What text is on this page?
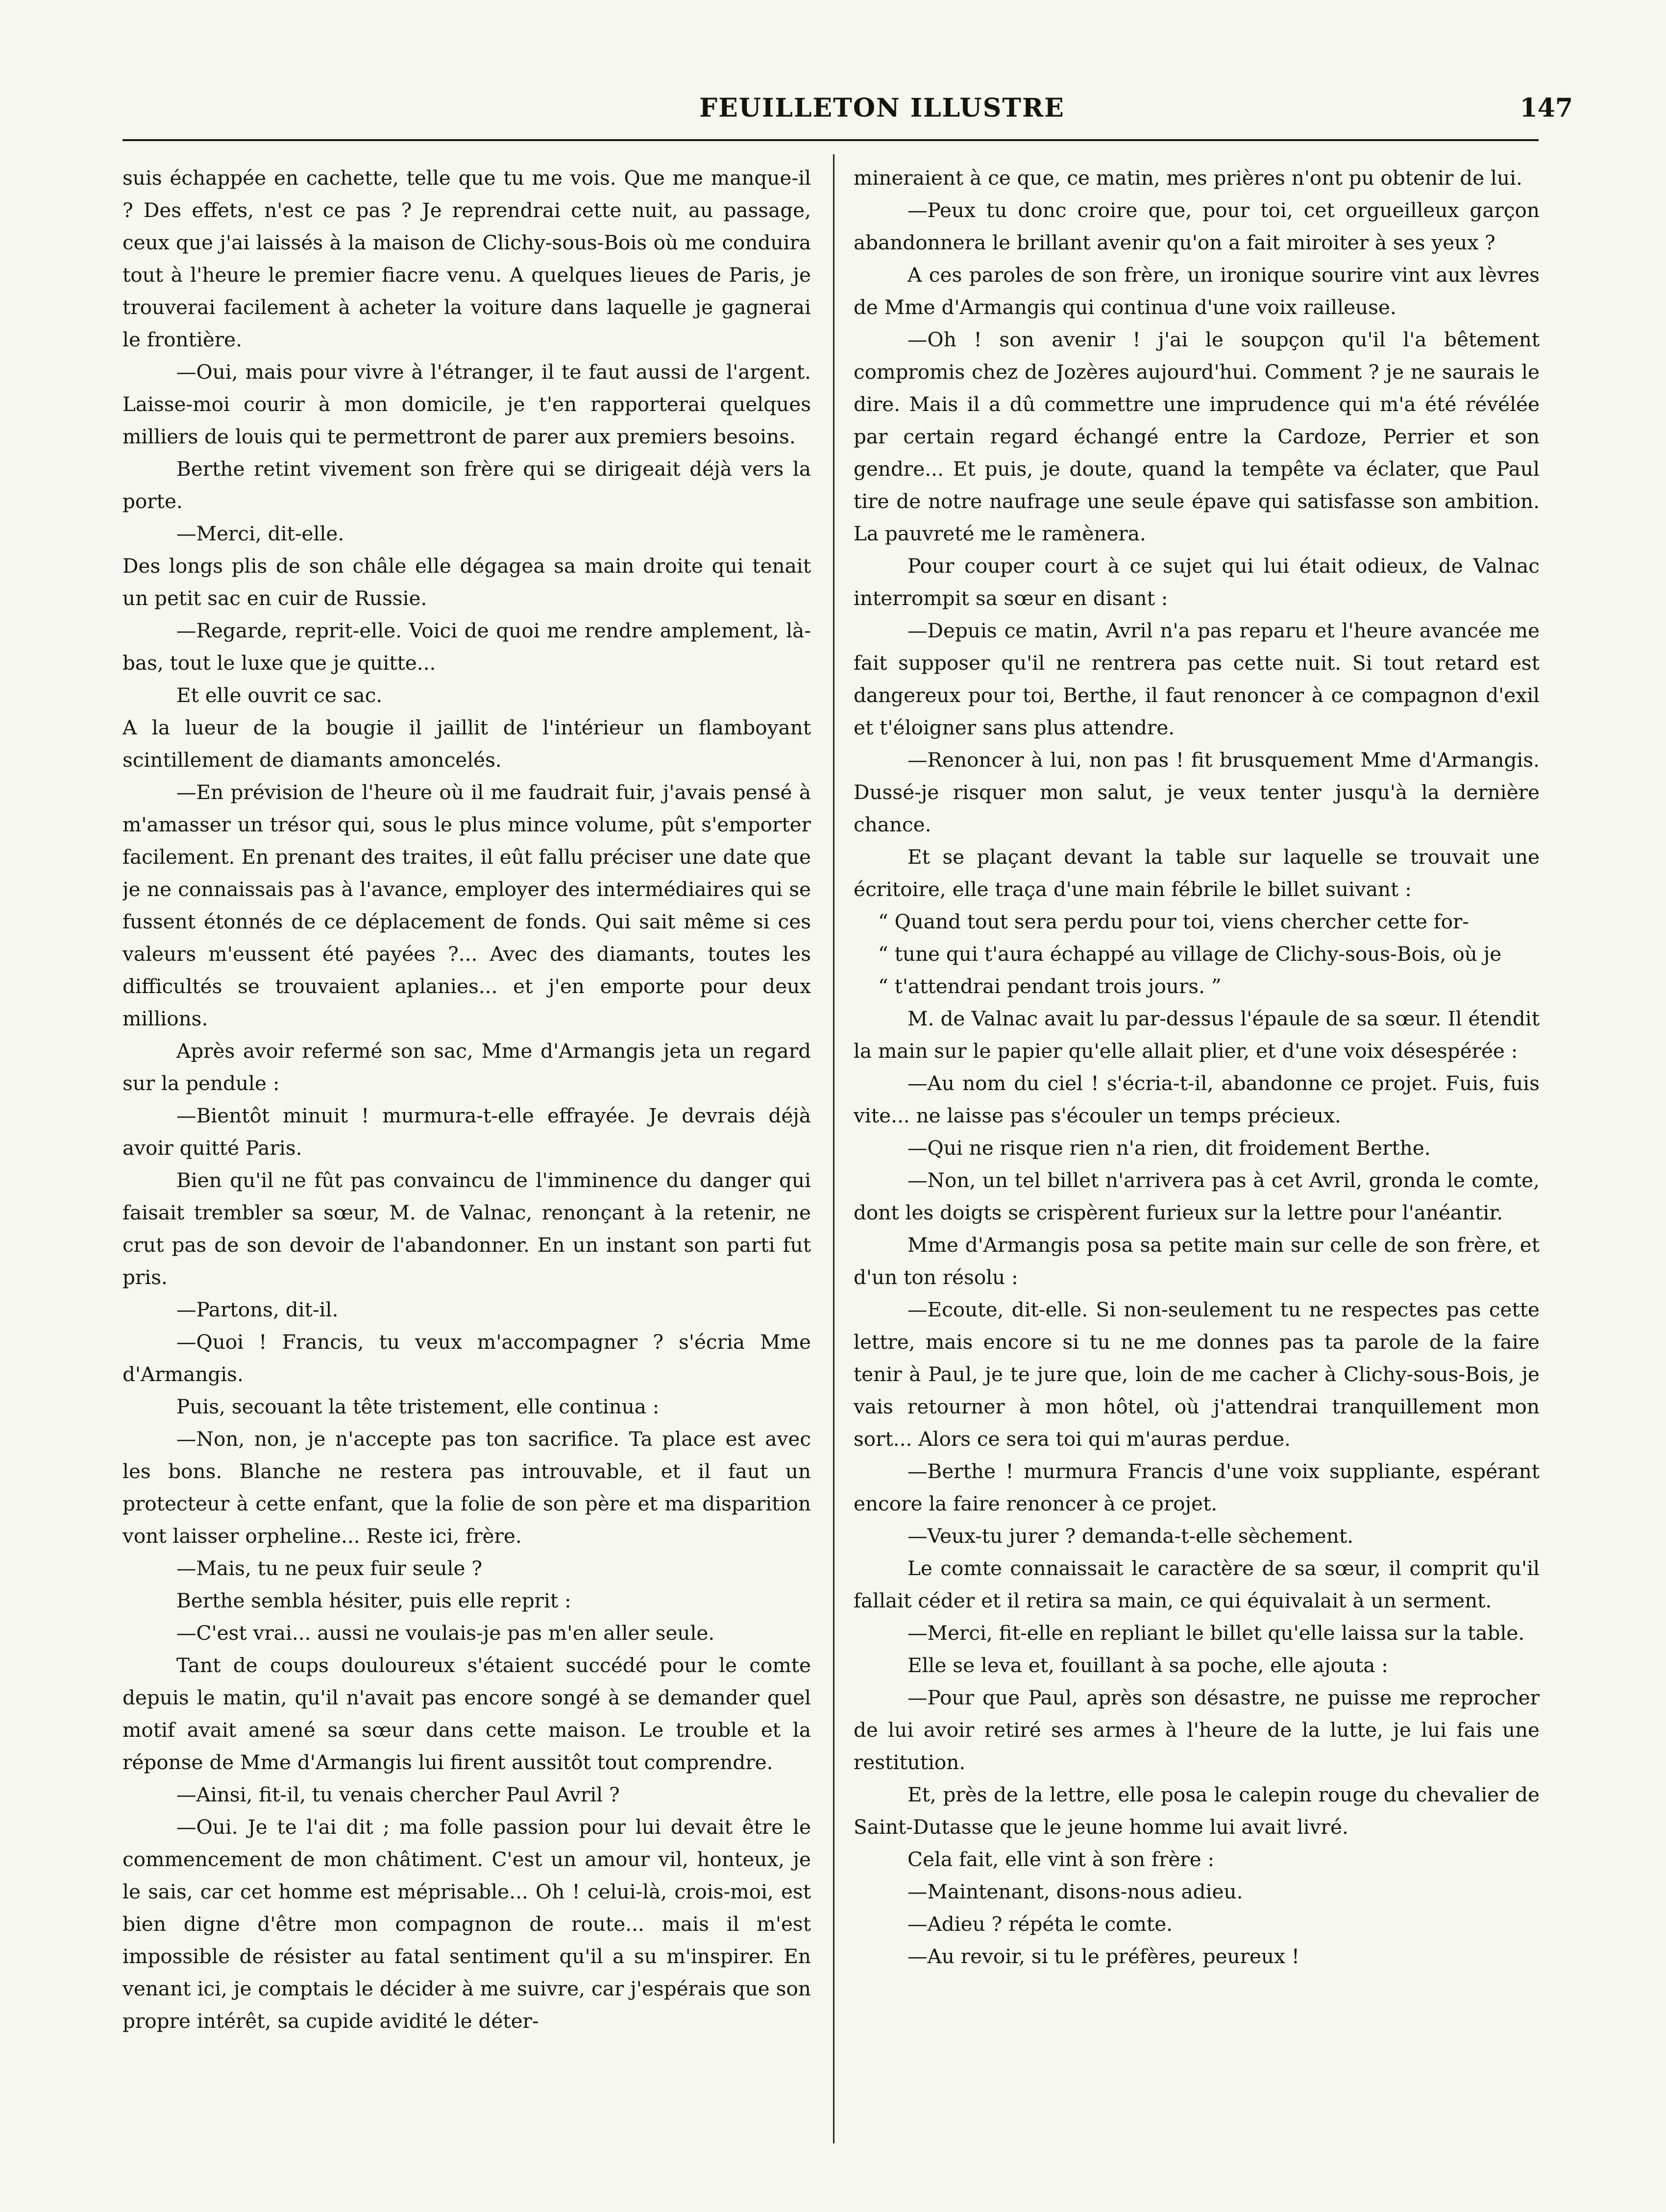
FEUILLETON ILLUSTRE	147

suis échappée en cachette, telle que tu me vois. Que me manque-il ? Des effets, n'est ce pas ? Je reprendrai cette nuit, au passage, ceux que j'ai laissés à la maison de Clichy-sous-Bois où me conduira tout à l'heure le premier fiacre venu. A quelques lieues de Paris, je trouverai facilement à acheter la voiture dans laquelle je gagnerai le frontière.

—Oui, mais pour vivre à l'étranger, il te faut aussi de l'argent. Laisse-moi courir à mon domicile, je t'en rapporterai quelques milliers de louis qui te permettront de parer aux premiers besoins.

Berthe retint vivement son frère qui se dirigeait déjà vers la porte.

—Merci, dit-elle.

Des longs plis de son châle elle dégagea sa main droite qui tenait un petit sac en cuir de Russie.

—Regarde, reprit-elle. Voici de quoi me rendre amplement, là-bas, tout le luxe que je quitte...

Et elle ouvrit ce sac.

A la lueur de la bougie il jaillit de l'intérieur un flamboyant scintillement de diamants amoncelés.

—En prévision de l'heure où il me faudrait fuir, j'avais pensé à m'amasser un trésor qui, sous le plus mince volume, pût s'emporter facilement. En prenant des traites, il eût fallu préciser une date que je ne connaissais pas à l'avance, employer des intermédiaires qui se fussent étonnés de ce déplacement de fonds. Qui sait même si ces valeurs m'eussent été payées ?... Avec des diamants, toutes les difficultés se trouvaient aplanies... et j'en emporte pour deux millions.

Après avoir refermé son sac, Mme d'Armangis jeta un regard sur la pendule :

—Bientôt minuit ! murmura-t-elle effrayée. Je devrais déjà avoir quitté Paris.

Bien qu'il ne fût pas convaincu de l'imminence du danger qui faisait trembler sa sœur, M. de Valnac, renonçant à la retenir, ne crut pas de son devoir de l'abandonner. En un instant son parti fut pris.

—Partons, dit-il.

—Quoi ! Francis, tu veux m'accompagner ? s'écria Mme d'Armangis.

Puis, secouant la tête tristement, elle continua :

—Non, non, je n'accepte pas ton sacrifice. Ta place est avec les bons. Blanche ne restera pas introuvable, et il faut un protecteur à cette enfant, que la folie de son père et ma disparition vont laisser orpheline... Reste ici, frère.

—Mais, tu ne peux fuir seule ?

Berthe sembla hésiter, puis elle reprit :

—C'est vrai... aussi ne voulais-je pas m'en aller seule.

Tant de coups douloureux s'étaient succédé pour le comte depuis le matin, qu'il n'avait pas encore songé à se demander quel motif avait amené sa sœur dans cette maison. Le trouble et la réponse de Mme d'Armangis lui firent aussitôt tout comprendre.

—Ainsi, fit-il, tu venais chercher Paul Avril ?

—Oui. Je te l'ai dit ; ma folle passion pour lui devait être le commencement de mon châtiment. C'est un amour vil, honteux, je le sais, car cet homme est méprisable... Oh ! celui-là, crois-moi, est bien digne d'être mon compagnon de route... mais il m'est impossible de résister au fatal sentiment qu'il a su m'inspirer. En venant ici, je comptais le décider à me suivre, car j'espérais que son propre intérêt, sa cupide avidité le déter-

mineraient à ce que, ce matin, mes prières n'ont pu obtenir de lui.

—Peux tu donc croire que, pour toi, cet orgueilleux garçon abandonnera le brillant avenir qu'on a fait miroiter à ses yeux ?

A ces paroles de son frère, un ironique sourire vint aux lèvres de Mme d'Armangis qui continua d'une voix railleuse.

—Oh ! son avenir ! j'ai le soupçon qu'il l'a bêtement compromis chez de Jozères aujourd'hui. Comment ? je ne saurais le dire. Mais il a dû commettre une imprudence qui m'a été révélée par certain regard échangé entre la Cardoze, Perrier et son gendre... Et puis, je doute, quand la tempête va éclater, que Paul tire de notre naufrage une seule épave qui satisfasse son ambition. La pauvreté me le ramènera.

Pour couper court à ce sujet qui lui était odieux, de Valnac interrompit sa sœur en disant :

—Depuis ce matin, Avril n'a pas reparu et l'heure avancée me fait supposer qu'il ne rentrera pas cette nuit. Si tout retard est dangereux pour toi, Berthe, il faut renoncer à ce compagnon d'exil et t'éloigner sans plus attendre.

—Renoncer à lui, non pas ! fit brusquement Mme d'Armangis. Dussé-je risquer mon salut, je veux tenter jusqu'à la dernière chance.

Et se plaçant devant la table sur laquelle se trouvait une écritoire, elle traça d'une main fébrile le billet suivant :

“ Quand tout sera perdu pour toi, viens chercher cette for-

“ tune qui t'aura échappé au village de Clichy-sous-Bois, où je

“ t'attendrai pendant trois jours. ”

M. de Valnac avait lu par-dessus l'épaule de sa sœur. Il étendit la main sur le papier qu'elle allait plier, et d'une voix désespérée :

—Au nom du ciel ! s'écria-t-il, abandonne ce projet. Fuis, fuis vite... ne laisse pas s'écouler un temps précieux.

—Qui ne risque rien n'a rien, dit froidement Berthe.

—Non, un tel billet n'arrivera pas à cet Avril, gronda le comte, dont les doigts se crispèrent furieux sur la lettre pour l'anéantir.

Mme d'Armangis posa sa petite main sur celle de son frère, et d'un ton résolu :

—Ecoute, dit-elle. Si non-seulement tu ne respectes pas cette lettre, mais encore si tu ne me donnes pas ta parole de la faire tenir à Paul, je te jure que, loin de me cacher à Clichy-sous-Bois, je vais retourner à mon hôtel, où j'attendrai tranquillement mon sort... Alors ce sera toi qui m'auras perdue.

—Berthe ! murmura Francis d'une voix suppliante, espérant encore la faire renoncer à ce projet.

—Veux-tu jurer ? demanda-t-elle sèchement.

Le comte connaissait le caractère de sa sœur, il comprit qu'il fallait céder et il retira sa main, ce qui équivalait à un serment.

—Merci, fit-elle en repliant le billet qu'elle laissa sur la table.

Elle se leva et, fouillant à sa poche, elle ajouta :

—Pour que Paul, après son désastre, ne puisse me reprocher de lui avoir retiré ses armes à l'heure de la lutte, je lui fais une restitution.

Et, près de la lettre, elle posa le calepin rouge du chevalier de Saint-Dutasse que le jeune homme lui avait livré.

Cela fait, elle vint à son frère :

—Maintenant, disons-nous adieu.

—Adieu ? répéta le comte.

—Au revoir, si tu le préfères, peureux !
